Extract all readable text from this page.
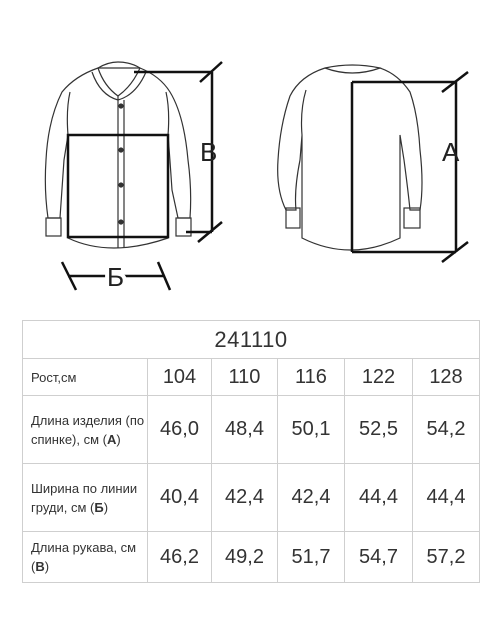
В	А
Б
241110					
Рост,см	104	110	116	122	128
Длина изделия (по спинке), см (А)	46,0	48,4	50,1	52,5	54,2
Ширина по линии груди, см (Б)	40,4	42,4	42,4	44,4	44,4
Длина рукава, см (В)	46,2	49,2	51,7	54,7	57,2
